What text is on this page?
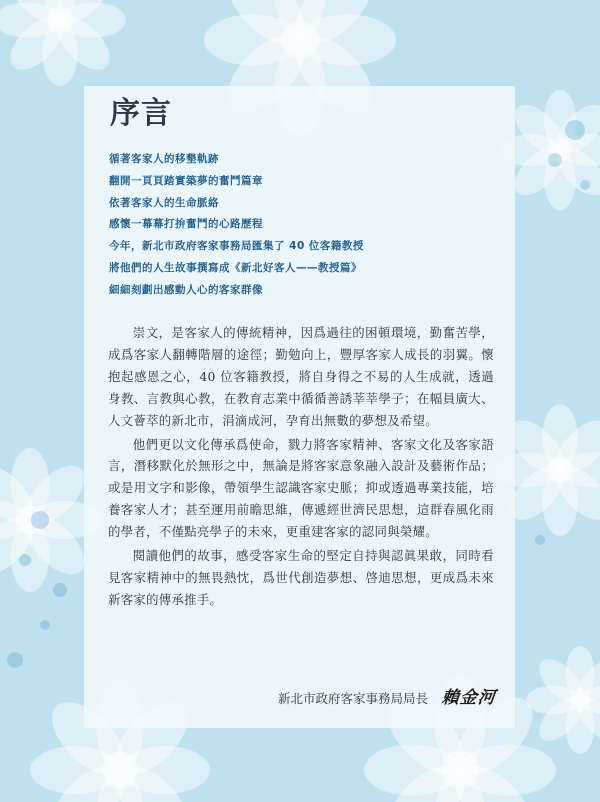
序言
循著客家人的移墾軌跡
翻開一頁頁踏實築夢的奮鬥篇章
依著客家人的生命脈絡
感懷一幕幕打拚奮鬥的心路歷程
今年，新北市政府客家事務局匯集了 40 位客籍教授
將他們的人生故事撰寫成《新北好客人——教授篇》
細細刻劃出感動人心的客家群像

崇文，是客家人的傳統精神，因爲過往的困頓環境，勤奮苦學，成爲客家人翻轉階層的途徑；勤勉向上，豐厚客家人成長的羽翼。懷抱起感恩之心，40 位客籍教授，將自身得之不易的人生成就，透過身教、言教與心教，在教育志業中循循善誘莘莘學子；在幅員廣大、人文薈萃的新北市，涓滴成河，孕育出無數的夢想及希望。

他們更以文化傳承爲使命，戮力將客家精神、客家文化及客家語言，潛移默化於無形之中，無論是將客家意象融入設計及藝術作品；或是用文字和影像，帶領學生認識客家史脈；抑或透過專業技能，培養客家人才；甚至運用前瞻思維，傳遞經世濟民思想，這群春風化雨的學者，不僅點亮學子的未來，更重建客家的認同與榮耀。

閱讀他們的故事，感受客家生命的堅定自持與認眞果敢，同時看見客家精神中的無畏熱忱，爲世代創造夢想、啓迪思想，更成爲未來新客家的傳承推手。

新北市政府客家事務局局長 賴金河
